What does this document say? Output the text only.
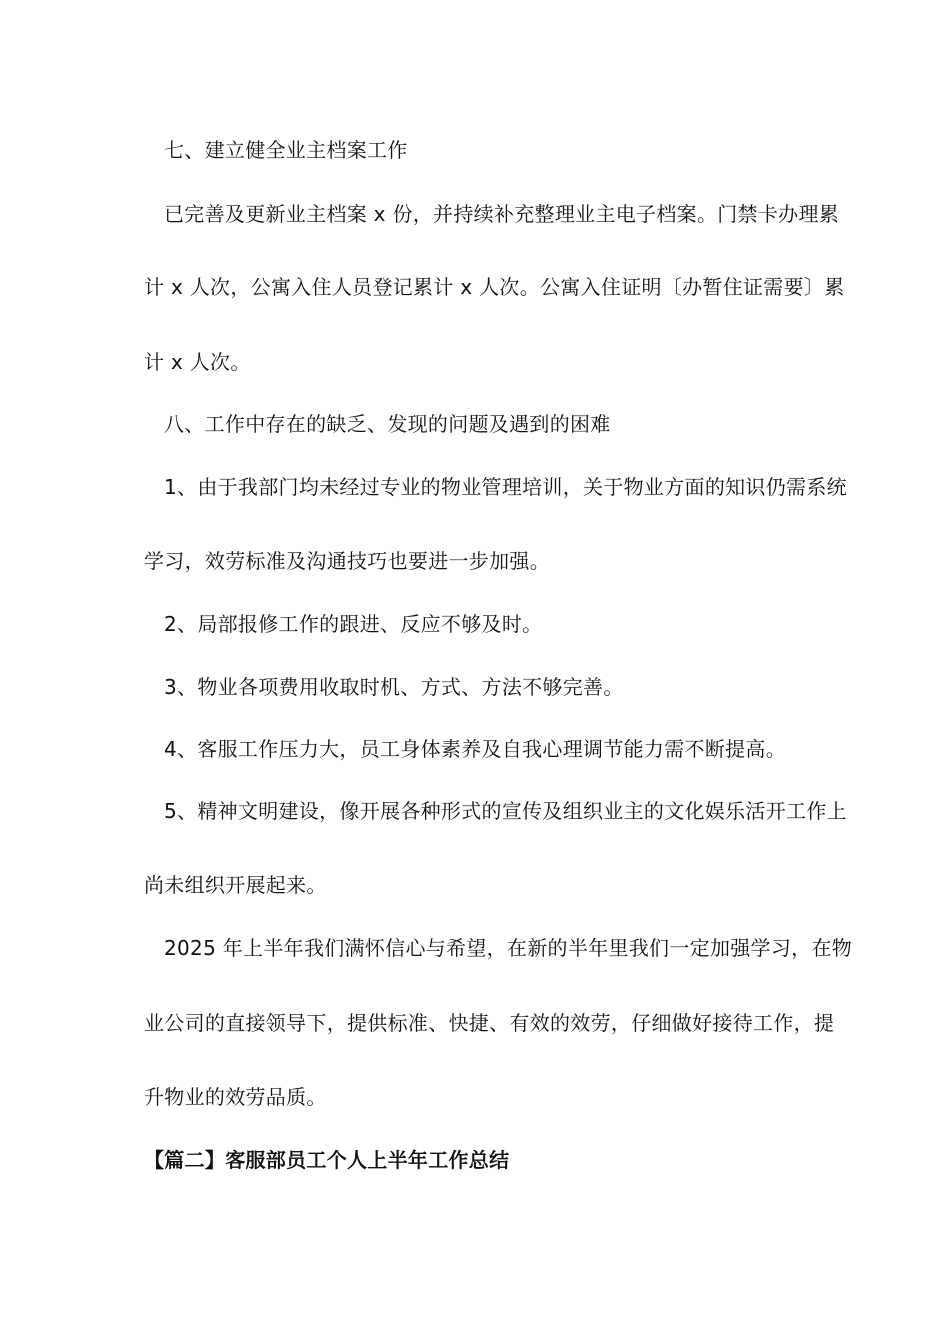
七、建立健全业主档案工作
已完善及更新业主档案 x 份，并持续补充整理业主电子档案。门禁卡办理累
计 x 人次，公寓入住人员登记累计 x 人次。公寓入住证明〔办暂住证需要〕累
计 x 人次。
八、工作中存在的缺乏、发现的问题及遇到的困难
1、由于我部门均未经过专业的物业管理培训，关于物业方面的知识仍需系统
学习，效劳标准及沟通技巧也要进一步加强。
2、局部报修工作的跟进、反应不够及时。
3、物业各项费用收取时机、方式、方法不够完善。
4、客服工作压力大，员工身体素养及自我心理调节能力需不断提高。
5、精神文明建设，像开展各种形式的宣传及组织业主的文化娱乐活开工作上
尚未组织开展起来。
2025 年上半年我们满怀信心与希望，在新的半年里我们一定加强学习，在物
业公司的直接领导下，提供标准、快捷、有效的效劳，仔细做好接待工作，提
升物业的效劳品质。
【篇二】客服部员工个人上半年工作总结
